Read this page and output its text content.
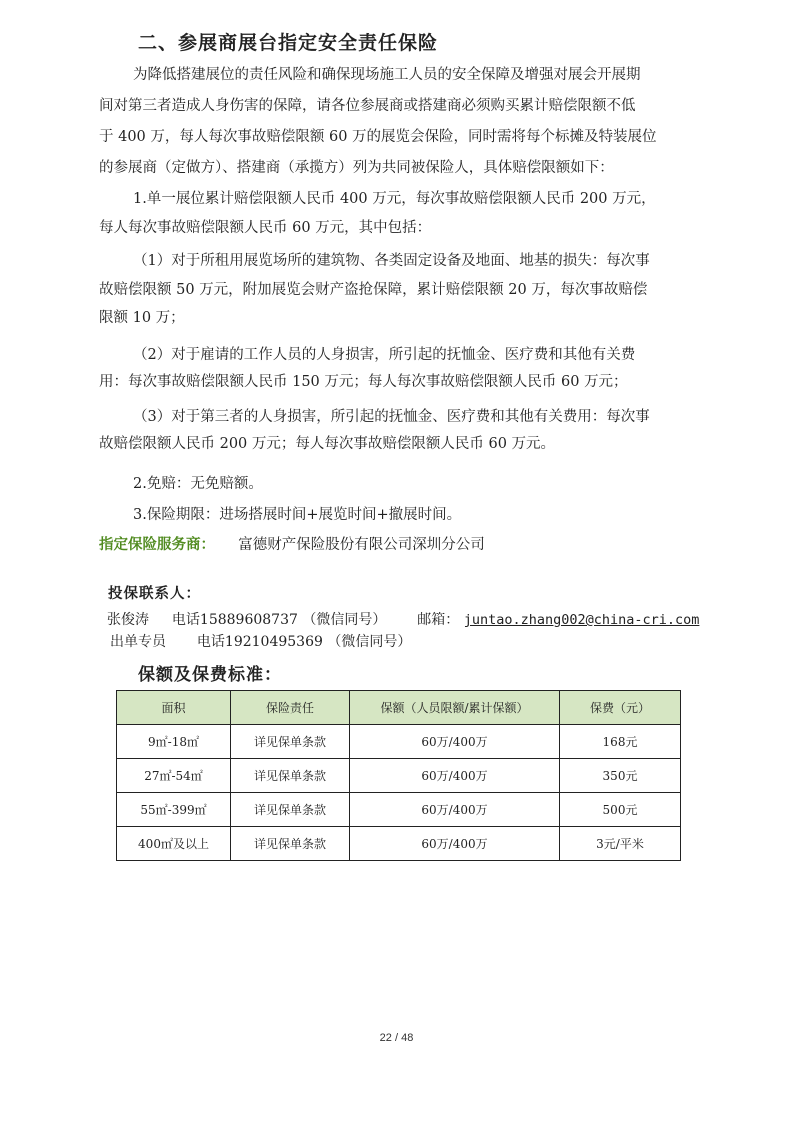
二、参展商展台指定安全责任保险
为降低搭建展位的责任风险和确保现场施工人员的安全保障及增强对展会开展期
间对第三者造成人身伤害的保障，请各位参展商或搭建商必须购买累计赔偿限额不低
于 400 万，每人每次事故赔偿限额 60 万的展览会保险，同时需将每个标摊及特装展位
的参展商（定做方）、搭建商（承揽方）列为共同被保险人，具体赔偿限额如下：
1.单一展位累计赔偿限额人民币 400 万元，每次事故赔偿限额人民币 200 万元，
每人每次事故赔偿限额人民币 60 万元，其中包括：
（1）对于所租用展览场所的建筑物、各类固定设备及地面、地基的损失：每次事
故赔偿限额 50 万元，附加展览会财产盗抢保障，累计赔偿限额 20 万，每次事故赔偿
限额 10 万；
（2）对于雇请的工作人员的人身损害，所引起的抚恤金、医疗费和其他有关费
用：每次事故赔偿限额人民币 150 万元；每人每次事故赔偿限额人民币 60 万元；
（3）对于第三者的人身损害，所引起的抚恤金、医疗费和其他有关费用：每次事
故赔偿限额人民币 200 万元；每人每次事故赔偿限额人民币 60 万元。
2.免赔：无免赔额。
3.保险期限：进场搭展时间+展览时间+撤展时间。
指定保险服务商： 富德财产保险股份有限公司深圳分公司
投保联系人：
张俊涛 电话15889608737 （微信同号） 邮箱： juntao.zhang002@china-cri.com
出单专员 电话19210495369 （微信同号）
保额及保费标准：
面积	保险责任	保额（人员限额/累计保额）	保费（元）
9㎡-18㎡	详见保单条款	60万/400万	168元
27㎡-54㎡	详见保单条款	60万/400万	350元
55㎡-399㎡	详见保单条款	60万/400万	500元
400㎡及以上	详见保单条款	60万/400万	3元/平米
22 / 48
